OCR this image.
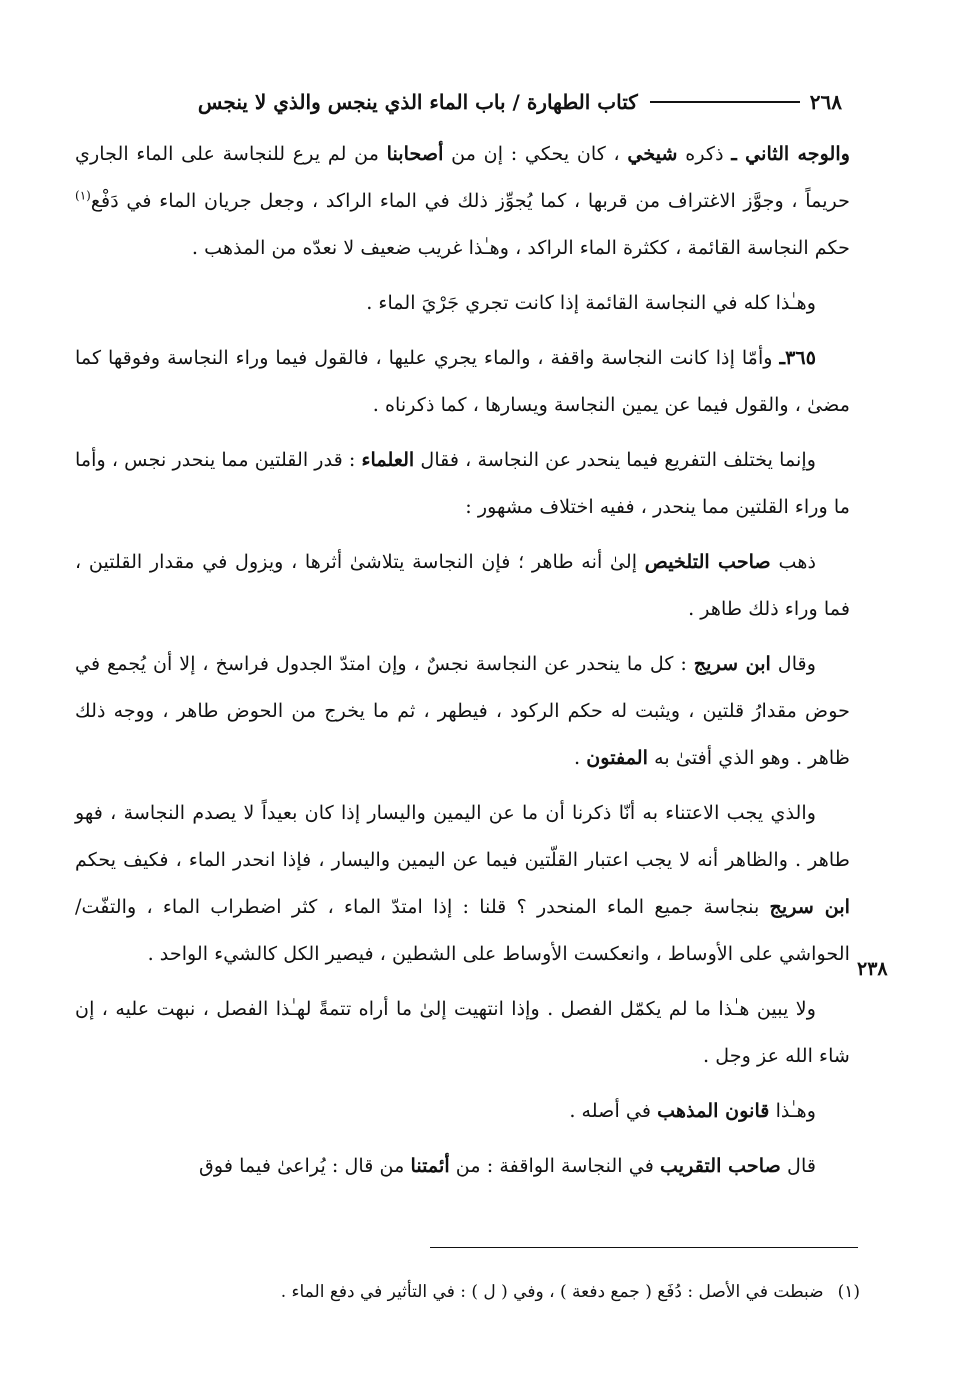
٢٦٨
كتاب الطهارة / باب الماء الذي ينجس والذي لا ينجس

والوجه الثاني ـ ذكره شيخي ، كان يحكي : إن من أصحابنا من لم يرع للنجاسة على الماء الجاري حريماً ، وجوَّز الاغتراف من قربها ، كما يُجوِّز ذلك في الماء الراكد ، وجعل جريان الماء في دَفْع$^{(١)}$ حكم النجاسة القائمة ، ككثرة الماء الراكد ، وهـٰذا غريب ضعيف لا نعدّه من المذهب .

وهـٰذا كله في النجاسة القائمة إذا كانت تجري جَرْيَ الماء .

٣٦٥ـ وأمّا إذا كانت النجاسة واقفة ، والماء يجري عليها ، فالقول فيما وراء النجاسة وفوقها كما مضىٰ ، والقول فيما عن يمين النجاسة ويسارها ، كما ذكرناه .

وإنما يختلف التفريع فيما ينحدر عن النجاسة ، فقال العلماء : قدر القلتين مما ينحدر نجس ، وأما ما وراء القلتين مما ينحدر ، ففيه اختلاف مشهور :

ذهب صاحب التلخيص إلىٰ أنه طاهر ؛ فإن النجاسة يتلاشىٰ أثرها ، ويزول في مقدار القلتين ، فما وراء ذلك طاهر .

وقال ابن سريج : كل ما ينحدر عن النجاسة نجسٌ ، وإن امتدّ الجدول فراسخ ، إلا أن يُجمع في حوض مقدارُ قلتين ، ويثبت له حكم الركود ، فيطهر ، ثم ما يخرج من الحوض طاهر ، ووجه ذلك ظاهر . وهو الذي أفتىٰ به المفتون .

والذي يجب الاعتناء به أنّا ذكرنا أن ما عن اليمين واليسار إذا كان بعيداً لا يصدم النجاسة ، فهو طاهر . والظاهر أنه لا يجب اعتبار القلّتين فيما عن اليمين واليسار ، فإذا انحدر الماء ، فكيف يحكم ابن سريج بنجاسة جميع الماء المنحدر ؟ قلنا : إذا امتدّ الماء ، كثر اضطراب الماء ، والتفّت/ الحواشي على الأوساط ، وانعكست الأوساط على الشطين ، فيصير الكل كالشيء الواحد .

ولا يبين هـٰذا ما لم يكمّل الفصل . وإذا انتهيت إلىٰ ما أراه تتمةً لهـٰذا الفصل ، نبهت عليه ، إن شاء الله عز وجل .

وهـٰذا قانون المذهب في أصله .

قال صاحب التقريب في النجاسة الواقفة : من أئمتنا من قال : يُراعىٰ فيما فوق

٢٣٨
(١)ضبطت في الأصل : دُفَع ( جمع دفعة ) ، وفي ( ل ) : في التأثير في دفع الماء .
